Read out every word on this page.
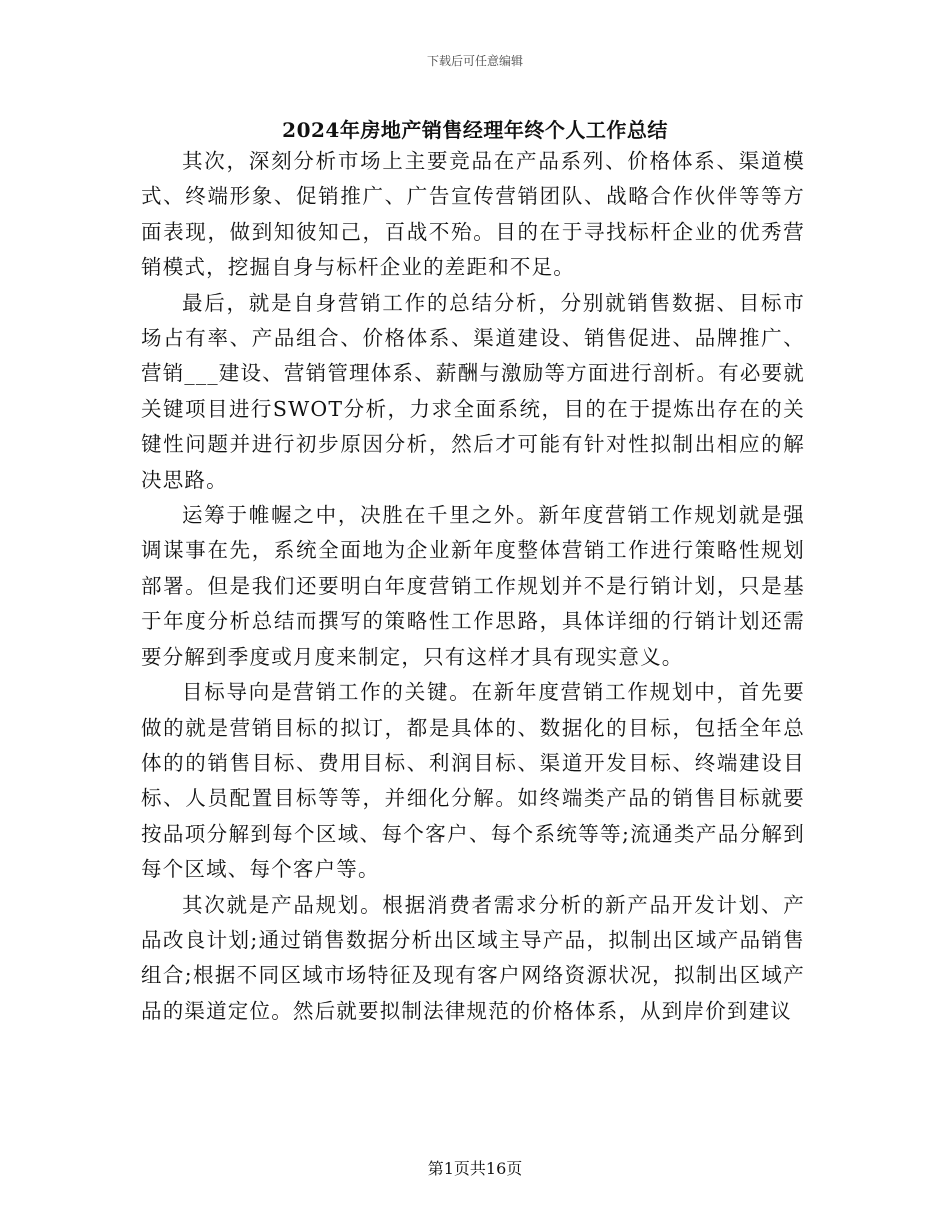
下载后可任意编辑
2024年房地产销售经理年终个人工作总结

其次，深刻分析市场上主要竞品在产品系列、价格体系、渠道模式、终端形象、促销推广、广告宣传营销团队、战略合作伙伴等等方面表现，做到知彼知己，百战不殆。目的在于寻找标杆企业的优秀营销模式，挖掘自身与标杆企业的差距和不足。

最后，就是自身营销工作的总结分析，分别就销售数据、目标市场占有率、产品组合、价格体系、渠道建设、销售促进、品牌推广、营销___建设、营销管理体系、薪酬与激励等方面进行剖析。有必要就关键项目进行SWOT分析，力求全面系统，目的在于提炼出存在的关键性问题并进行初步原因分析，然后才可能有针对性拟制出相应的解决思路。

运筹于帷幄之中，决胜在千里之外。新年度营销工作规划就是强调谋事在先，系统全面地为企业新年度整体营销工作进行策略性规划部署。但是我们还要明白年度营销工作规划并不是行销计划，只是基于年度分析总结而撰写的策略性工作思路，具体详细的行销计划还需要分解到季度或月度来制定，只有这样才具有现实意义。

目标导向是营销工作的关键。在新年度营销工作规划中，首先要做的就是营销目标的拟订，都是具体的、数据化的目标，包括全年总体的的销售目标、费用目标、利润目标、渠道开发目标、终端建设目标、人员配置目标等等，并细化分解。如终端类产品的销售目标就要按品项分解到每个区域、每个客户、每个系统等等;流通类产品分解到每个区域、每个客户等。

其次就是产品规划。根据消费者需求分析的新产品开发计划、产品改良计划;通过销售数据分析出区域主导产品，拟制出区域产品销售组合;根据不同区域市场特征及现有客户网络资源状况，拟制出区域产品的渠道定位。然后就要拟制法律规范的价格体系，从到岸价到建议

第1页共16页
